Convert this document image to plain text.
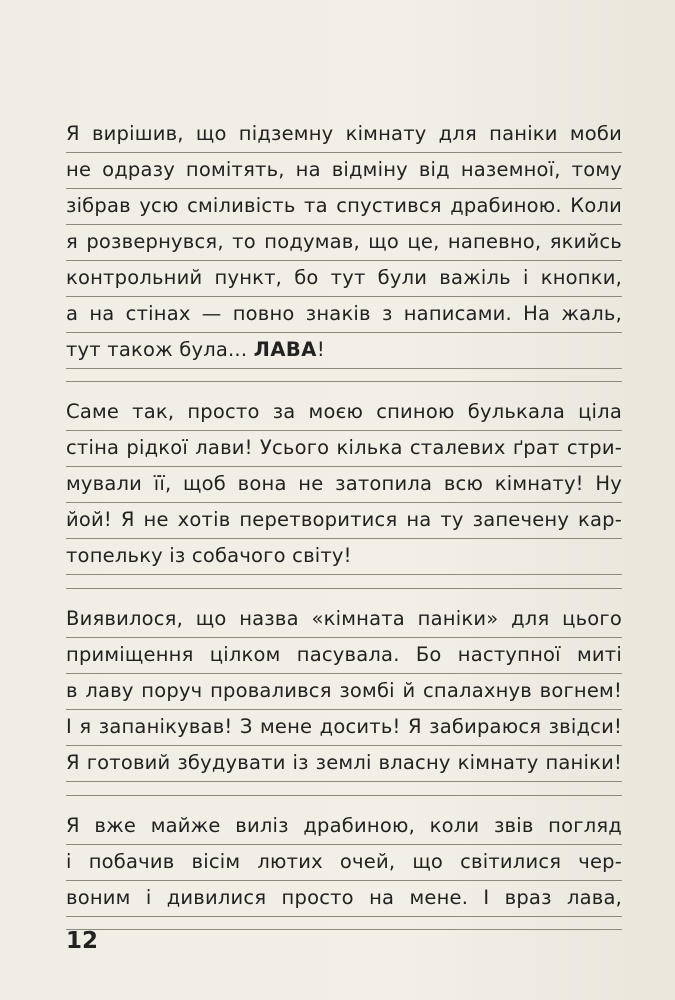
Я вирішив, що підземну кімнату для паніки моби
не одразу помітять, на відміну від наземної, тому
зібрав усю сміливість та спустився драбиною. Коли
я розвернувся, то подумав, що це, напевно, якийсь
контрольний пункт, бо тут були важіль і кнопки,
а на стінах — повно знаків з написами. На жаль,
тут також була... ЛАВА!
Саме так, просто за моєю спиною булькала ціла
стіна рідкої лави! Усього кілька сталевих ґрат стри-
мували її, щоб вона не затопила всю кімнату! Ну
йой! Я не хотів перетворитися на ту запечену кар-
топельку із собачого світу!
Виявилося, що назва «кімната паніки» для цього
приміщення цілком пасувала. Бо наступної миті
в лаву поруч провалився зомбі й спалахнув вогнем!
І я запанікував! З мене досить! Я забираюся звідси!
Я готовий збудувати із землі власну кімнату паніки!
Я вже майже виліз драбиною, коли звів погляд
і побачив вісім лютих очей, що світилися чер-
воним і дивилися просто на мене. І враз лава,
12
